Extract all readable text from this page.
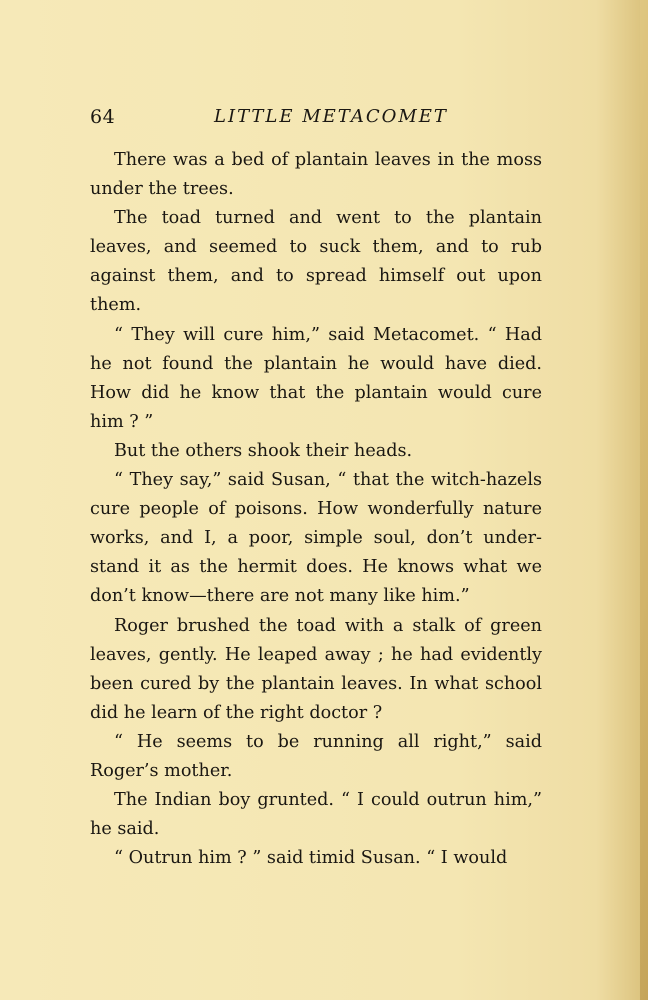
64	LITTLE METACOMET

There was a bed of plantain leaves in the moss under the trees.

The toad turned and went to the plantain leaves, and seemed to suck them, and to rub against them, and to spread himself out upon them.

“ They will cure him,” said Metacomet. “ Had he not found the plantain he would have died. How did he know that the plantain would cure him ? ”

But the others shook their heads.

“ They say,” said Susan, “ that the witch-hazels cure people of poisons. How wonderfully nature works, and I, a poor, simple soul, don’t understand it as the hermit does. He knows what we don’t know—there are not many like him.”

Roger brushed the toad with a stalk of green leaves, gently. He leaped away ; he had evidently been cured by the plantain leaves. In what school did he learn of the right doctor ?

“ He seems to be running all right,” said Roger’s mother.

The Indian boy grunted. “ I could outrun him,” he said.

“ Outrun him ? ” said timid Susan. “ I would
